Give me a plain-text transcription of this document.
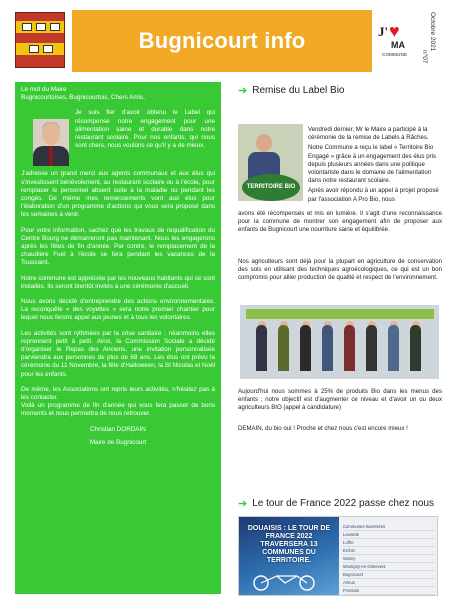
Bugnicourt info	J' ♥
MA
COMMUNE
Octobre 2021
n°07

Le mot du Maire

Bugnicourtoises, Bugnicourtois, Chers Amis,

Je suis fier d'avoir obtenu le Label qui récompense notre engagement pour une alimentation saine et durable dans notre restaurant scolaire. Pour nos enfants, qui nous sont chers, nous voulons ce qu'il y a de mieux.

J'adresse un grand merci aux agents communaux et aux élus qui s'investissent bénévolement, au restaurant scolaire ou à l'école, pour remplacer le personnel absent suite à la maladie ou pendant les congés. De même mes remerciements vont aux élus pour l'élaboration d'un programme d'actions qui vous sera proposé dans les semaines à venir.

Pour votre information, sachez que les travaux de requalification du Centre Bourg ne démarreront pas maintenant. Nous les engagerons après les fêtes de fin d'année. Par contre, le remplacement de la chaudière Fuel à l'école se fera pendant les vacances de la Toussaint.

Notre commune est appréciée par les nouveaux habitants qui se sont installés. Ils seront bientôt invités à une cérémonie d'accueil.

Nous avons décidé d'entreprendre des actions environnementales. La reconquête « des voyettes » sera notre premier chantier pour lequel nous ferons appel aux jeunes et à tous les volontaires.

Les activités sont rythmées par la crise sanitaire ; néanmoins elles reprennent petit à petit. Ainsi, la Commission Sociale a décidé d'organiser le Repas des Anciens, une invitation personnalisée parviendra aux personnes de plus de 68 ans. Les élus ont prévu la cérémonie du 11 Novembre, la fête d'Halloween, la St Nicolas et Noël pour les enfants.

De même, les Associations ont repris leurs activités, n'hésitez pas à les contacter.

Voilà un programme de fin d'année qui vous fera passer de bons moments et nous permettra de nous retrouver.

Christian DORDAIN

Maire de Bugnicourt

➔ Remise du Label Bio
TERRITOIRE BIO

Vendredi dernier, Mr le Maire a participé à la cérémonie de la remise de Labels à Râches.

Notre Commune a reçu le label « Territoire Bio Engagé » grâce à un engagement des élus pris depuis plusieurs années dans une politique volontariste dans le domaine de l'alimentation dans notre restaurant scolaire.

Après avoir répondu à un appel à projet proposé par l'association A Pro Bio, nous

avons été récompensés et mis en lumière. Il s'agit d'une reconnaissance pour la commune de montrer son engagement afin de proposer aux enfants de Bugnicourt une nourriture saine et équilibrée.

Nos agriculteurs sont déjà pour la plupart en agriculture de conservation des sols en utilisant des techniques agroécologiques, ce qui est un bon compromis pour allier production de qualité et respect de l'environnement.

Aujourd'hui nous sommes à 25% de produits Bio dans les menus des enfants ; notre objectif est d'augmenter ce niveau et d'avoir un ou deux agriculteurs BIO (appel à candidature)

DEMAIN, du bio oui ! Proche et chez nous c'est encore mieux !

➔ Le tour de France 2022 passe chez nous
DOUAISIS : LE TOUR DE FRANCE 2022 TRAVERSERA 13 COMMUNES DU TERRITOIRE.
Communes traversées
Lewarde
Loffre
Erchin
Masny
Montigny-en-Ostrevent
Bugnicourt
Arleux
Fressain
